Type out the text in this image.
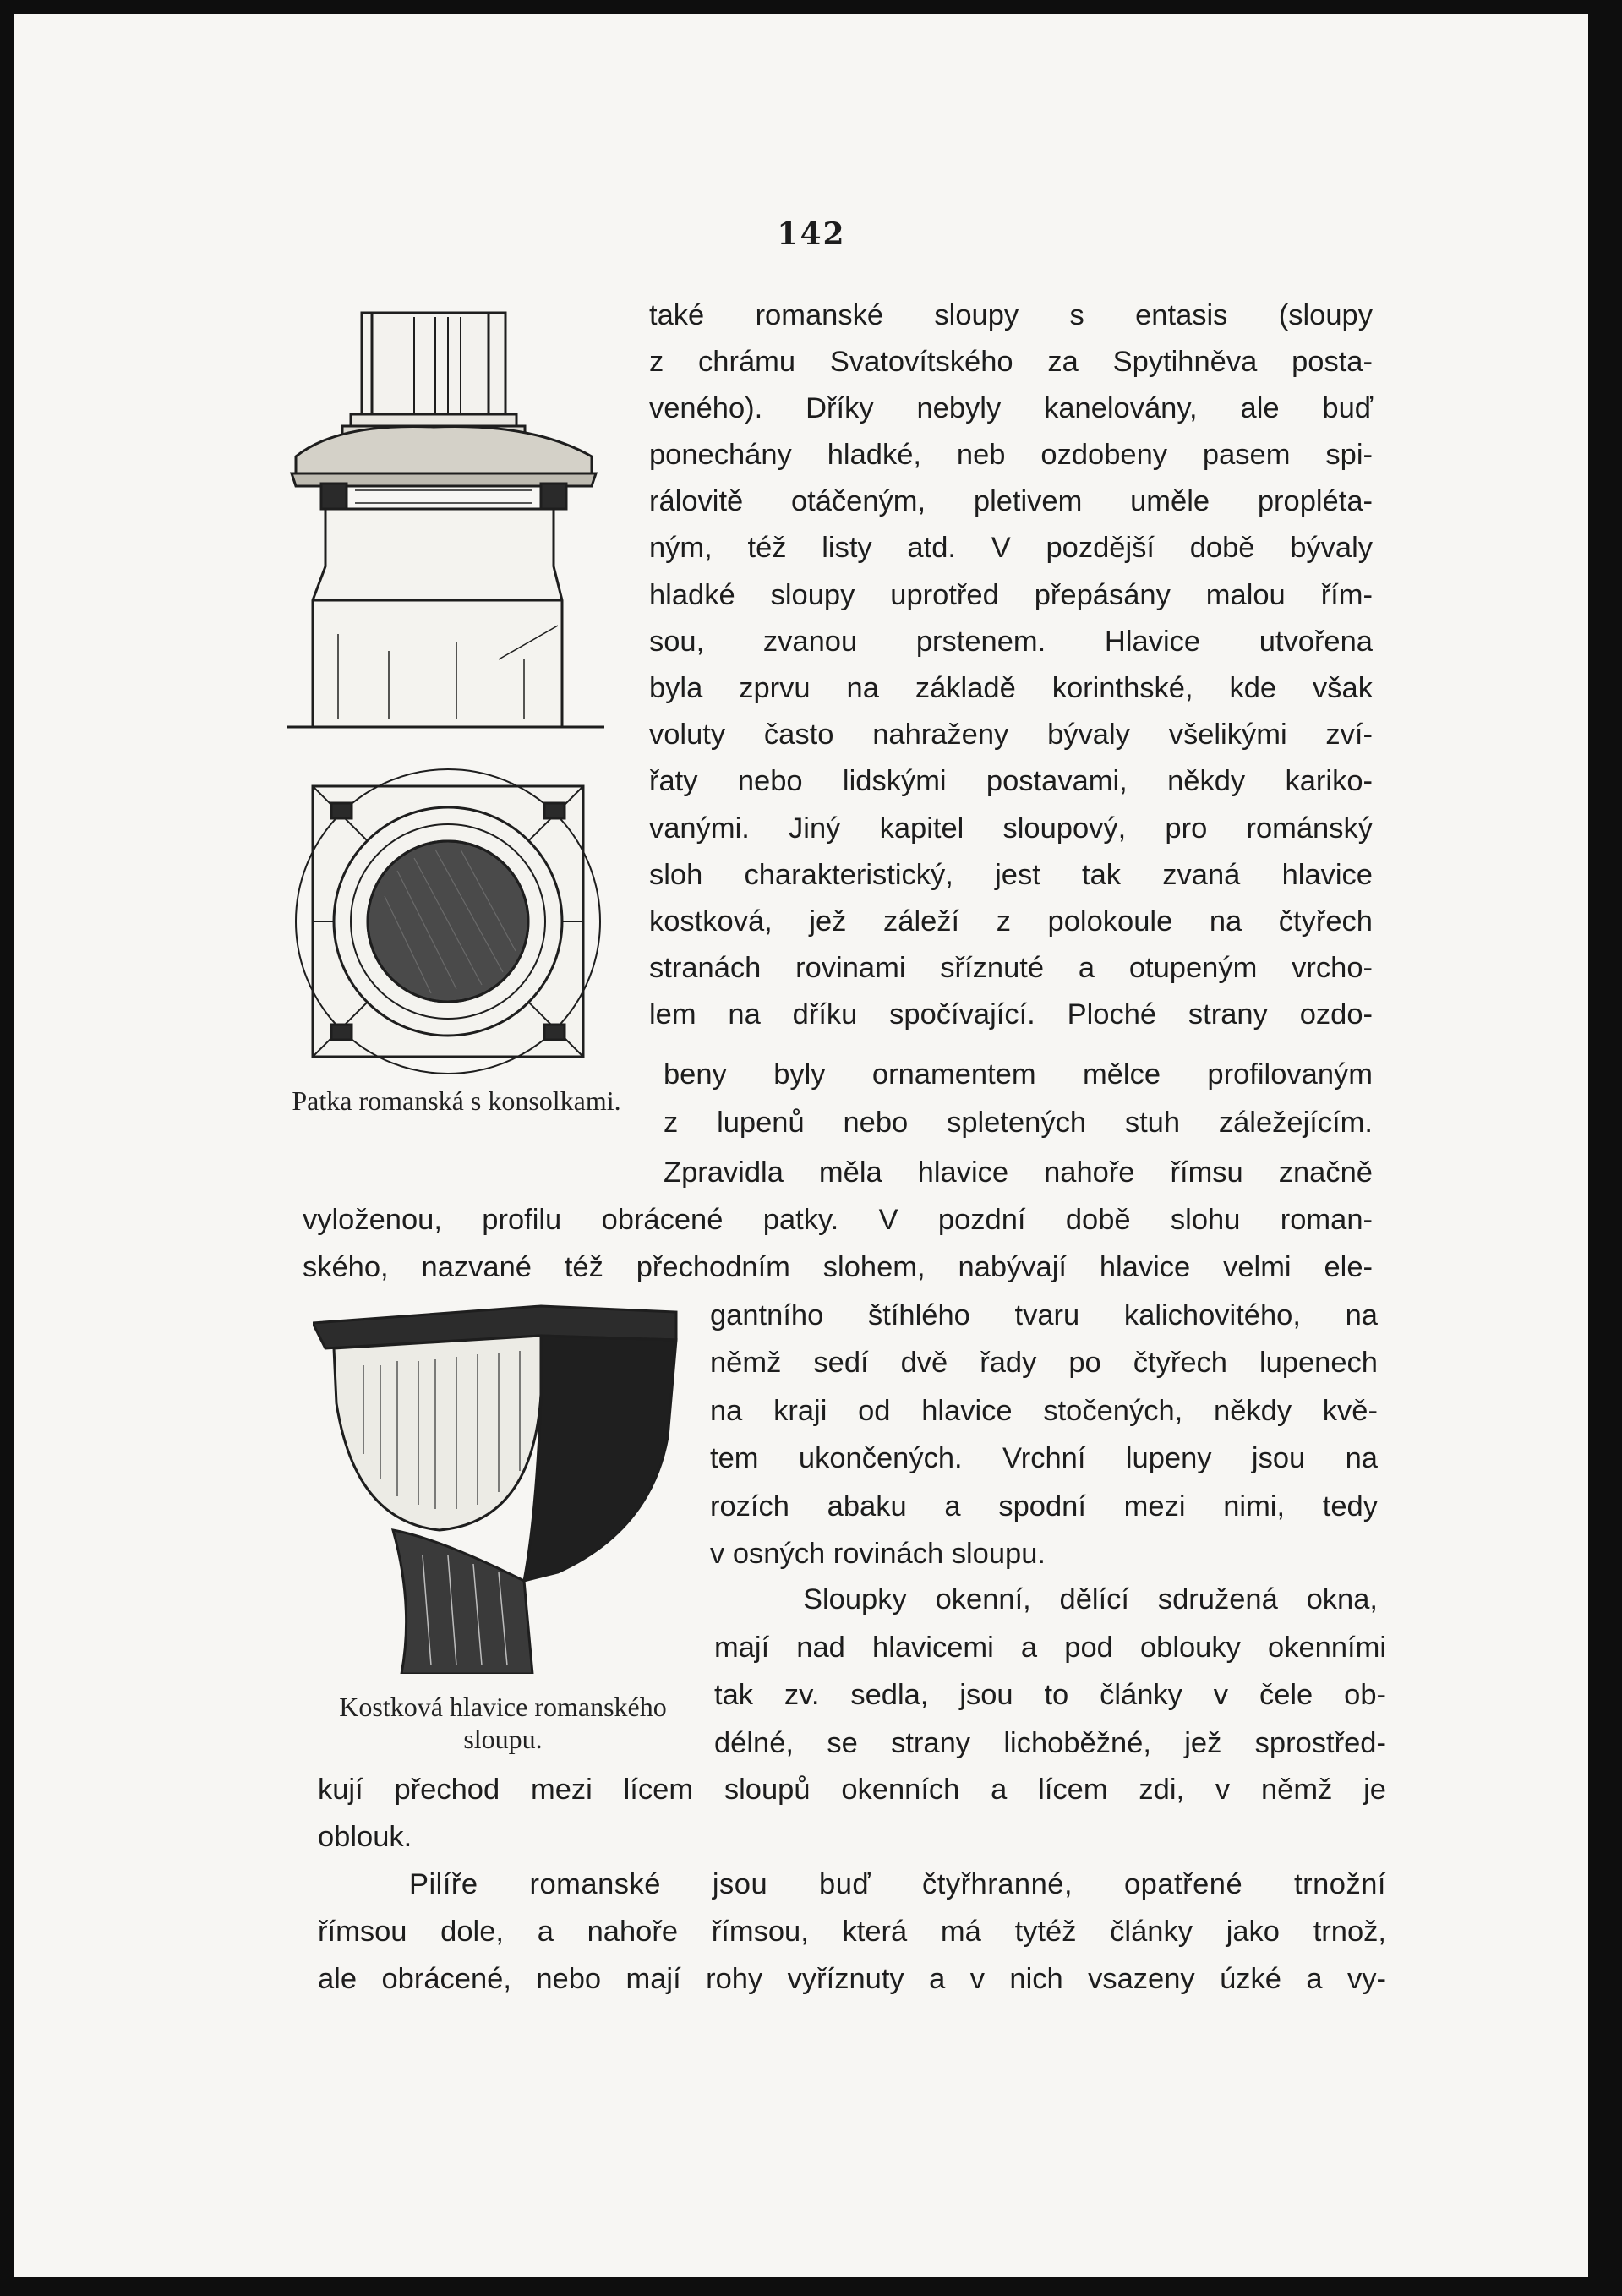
142
Patka romanská s konsolkami.
Kostková hlavice romanského sloupu.
také romanské sloupy s entasis (sloupy
z chrámu Svatovítského za Spytihněva posta-
veného). Dříky nebyly kanelovány, ale buď
ponechány hladké, neb ozdobeny pasem spi-
rálovitě otáčeným, pletivem uměle propléta-
ným, též listy atd. V pozdější době bývaly
hladké sloupy uprotřed přepásány malou řím-
sou, zvanou prstenem. Hlavice utvořena
byla zprvu na základě korinthské, kde však
voluty často nahraženy bývaly všelikými zví-
řaty nebo lidskými postavami, někdy kariko-
vanými. Jiný kapitel sloupový, pro románský
sloh charakteristický, jest tak zvaná hlavice
kostková, jež záleží z polokoule na čtyřech
stranách rovinami sříznuté a otupeným vrcho-
lem na dříku spočívající. Ploché strany ozdo-
beny byly ornamentem mělce profilovaným
z lupenů nebo spletených stuh záležejícím.
Zpravidla měla hlavice nahoře římsu značně
vyloženou, profilu obrácené patky. V pozdní době slohu roman-
ského, nazvané též přechodním slohem, nabývají hlavice velmi ele-
gantního štíhlého tvaru kalichovitého, na
němž sedí dvě řady po čtyřech lupenech
na kraji od hlavice stočených, někdy kvě-
tem ukončených. Vrchní lupeny jsou na
rozích abaku a spodní mezi nimi, tedy
v osných rovinách sloupu.
Sloupky okenní, dělící sdružená okna,
mají nad hlavicemi a pod oblouky okenními
tak zv. sedla, jsou to články v čele ob-
délné, se strany lichoběžné, jež sprostřed-
kují přechod mezi lícem sloupů okenních a lícem zdi, v němž je
oblouk.
Pilíře romanské jsou buď čtyřhranné, opatřené trnožní
římsou dole, a nahoře římsou, která má tytéž články jako trnož,
ale obrácené, nebo mají rohy vyříznuty a v nich vsazeny úzké a vy-
